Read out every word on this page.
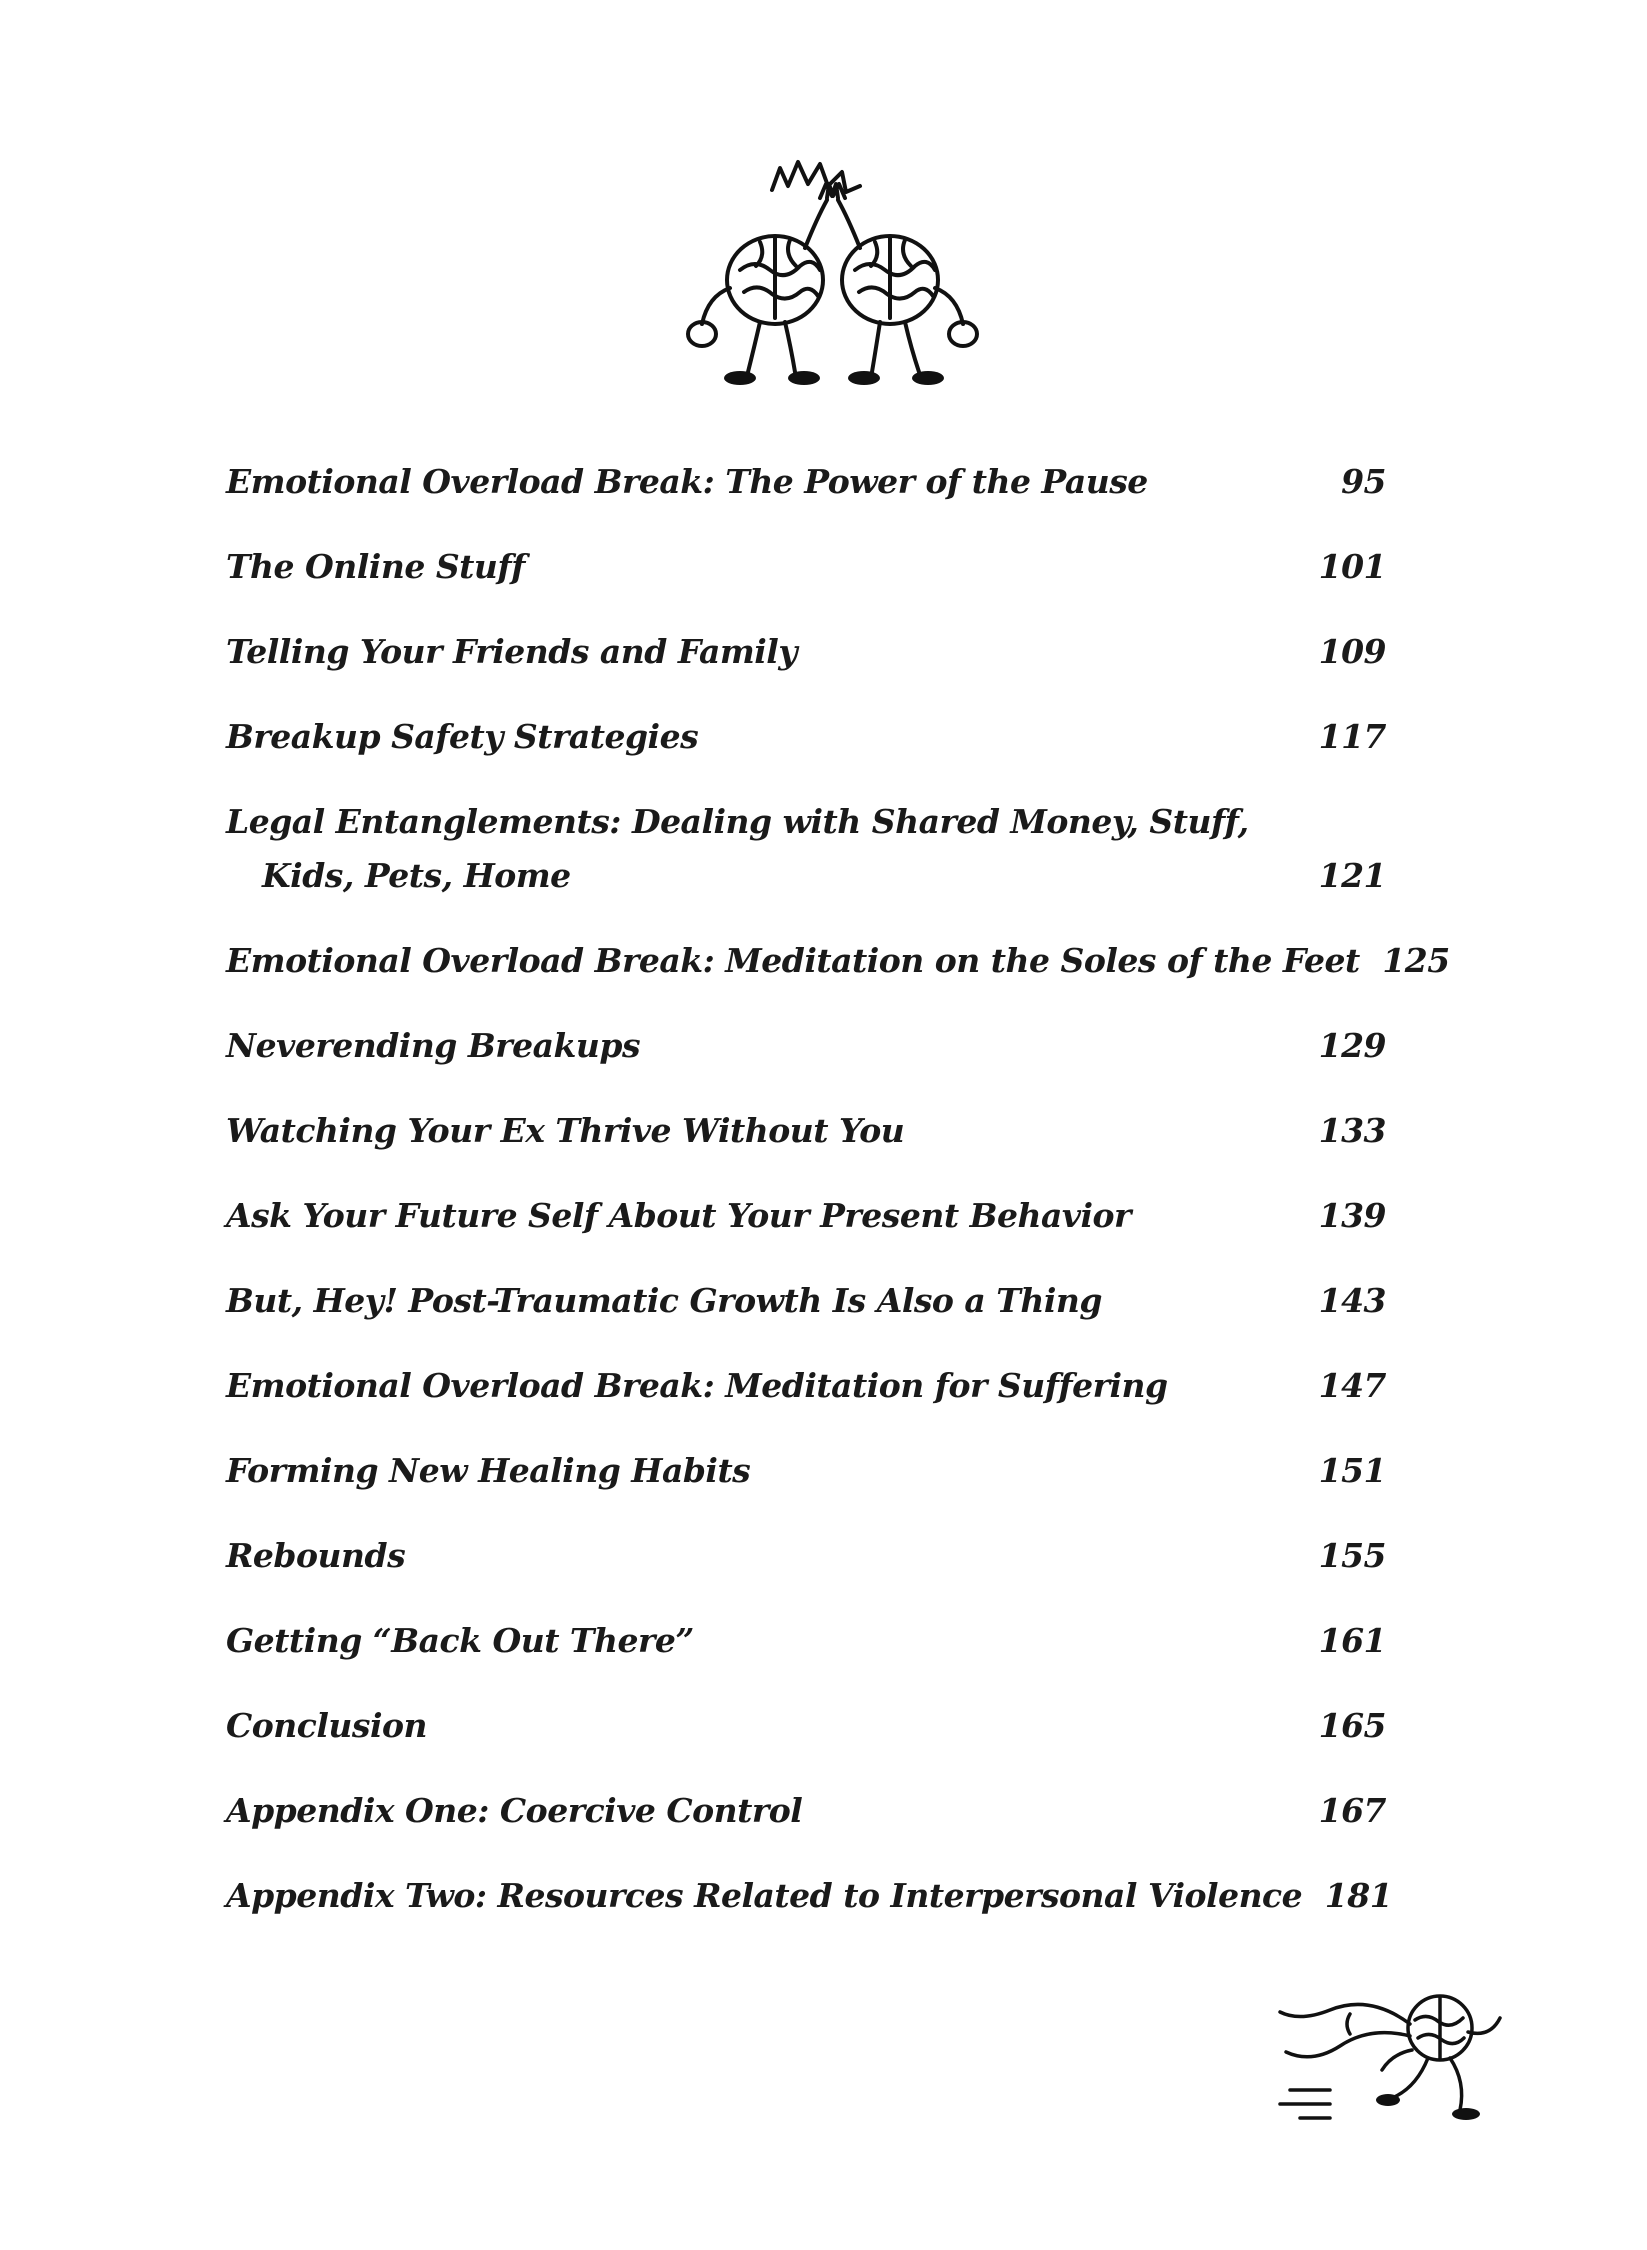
Emotional Overload Break: The Power of the Pause	95
The Online Stuff	101
Telling Your Friends and Family	109
Breakup Safety Strategies	117
Legal Entanglements: Dealing with Shared Money, Stuff, Kids, Pets, Home	121
Emotional Overload Break: Meditation on the Soles of the Feet 125
Neverending Breakups	129
Watching Your Ex Thrive Without You	133
Ask Your Future Self About Your Present Behavior	139
But, Hey! Post-Traumatic Growth Is Also a Thing	143
Emotional Overload Break: Meditation for Suffering	147
Forming New Healing Habits	151
Rebounds	155
Getting “Back Out There”	161
Conclusion	165
Appendix One: Coercive Control	167
Appendix Two: Resources Related to Interpersonal Violence 181
